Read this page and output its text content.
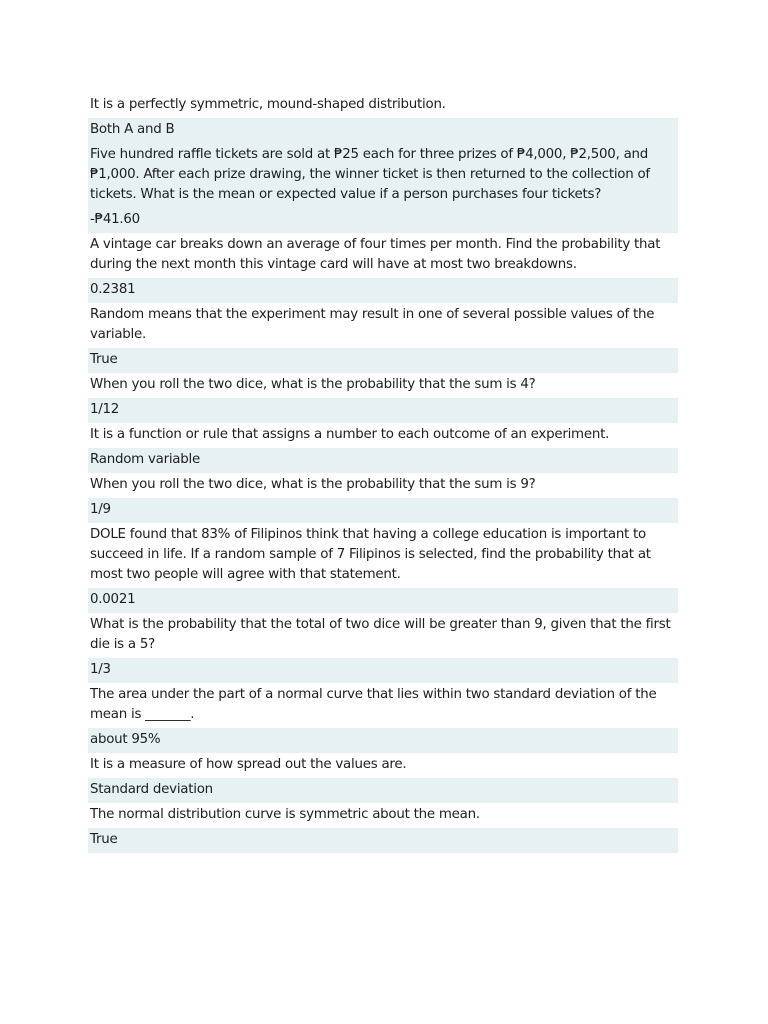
It is a perfectly symmetric, mound-shaped distribution.
Both A and B
Five hundred raffle tickets are sold at ₱25 each for three prizes of ₱4,000, ₱2,500, and ₱1,000. After each prize drawing, the winner ticket is then returned to the collection of tickets. What is the mean or expected value if a person purchases four tickets?
-₱41.60
A vintage car breaks down an average of four times per month. Find the probability that during the next month this vintage card will have at most two breakdowns.
0.2381
Random means that the experiment may result in one of several possible values of the variable.
True
When you roll the two dice, what is the probability that the sum is 4?
1/12
It is a function or rule that assigns a number to each outcome of an experiment.
Random variable
When you roll the two dice, what is the probability that the sum is 9?
1/9
DOLE found that 83% of Filipinos think that having a college education is important to succeed in life. If a random sample of 7 Filipinos is selected, find the probability that at most two people will agree with that statement.
0.0021
What is the probability that the total of two dice will be greater than 9, given that the first die is a 5?
1/3
The area under the part of a normal curve that lies within two standard deviation of the mean is _______.
about 95%
It is a measure of how spread out the values are.
Standard deviation
The normal distribution curve is symmetric about the mean.
True
